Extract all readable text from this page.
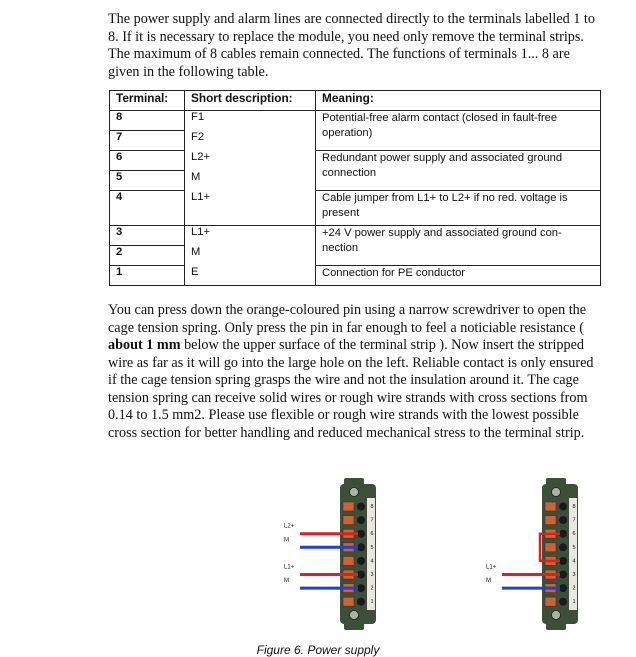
The power supply and alarm lines are connected directly to the terminals labelled 1 to 8. If it is necessary to replace the module, you need only remove the terminal strips. The maximum of 8 cables remain connected. The functions of terminals 1... 8 are given in the following table.

Terminal:	Short description:	Meaning:
8	F1	Potential-free alarm contact (closed in fault-free operation)
7	F2	
6	L2+	Redundant power supply and associated ground connection
5	M	
4	L1+	Cable jumper from L1+ to L2+ if no red. voltage is present
3	L1+	+24 V power supply and associated ground con-nection
2	M	
1	E	Connection for PE conductor

You can press down the orange-coloured pin using a narrow screwdriver to open the cage tension spring. Only press the pin in far enough to feel a noticiable resistance ( about 1 mm below the upper surface of the terminal strip ). Now insert the stripped wire as far as it will go into the large hole on the left. Reliable contact is only ensured if the cage tension spring grasps the wire and not the insulation around it. The cage tension spring can receive solid wires or rough wire strands with cross sections from 0.14 to 1.5 mm2. Please use flexible or rough wire strands with the lowest possible cross section for better handling and reduced mechanical stress to the terminal strip.

8
7
6
5
4
3
2
1
L2+
M
L1+
M
8
7
6
5
4
3
2
1
L1+
M
Figure 6. Power supply
